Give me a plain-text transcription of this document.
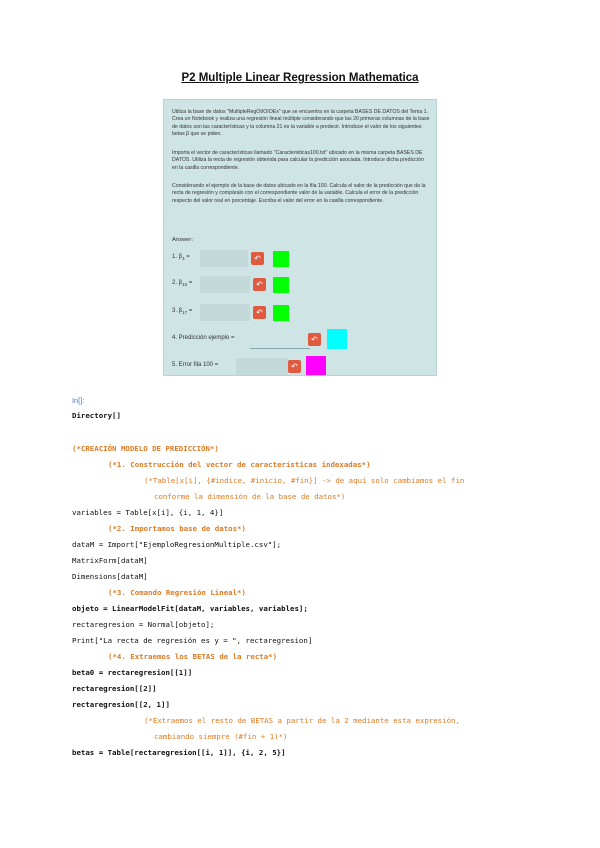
P2 Multiple Linear Regression Mathematica
Utiliza la base de datos "MultipleRegOtIOIOEx" que se encuentra en la carpeta BASES DE DATOS del Tema 1. Crea un Notebook y realiza una regresión lineal múltiple considerando que las 20 primeras columnas de la base de datos son las características y la columna 21 es la variable a predecir. Introduce el valor de los siguientes betas β que se piden.
Importa el vector de características llamado "Caracteristicas100.txt" ubicado en la misma carpeta BASES DE DATOS. Utiliza la recta de regresión obtenida para calcular la predicción asociada. Introduce dicha predicción en la casilla correspondiente.
Considerando el ejemplo de la base de datos ubicado en la fila 100. Calcula el valor de la predicción que da la recta de regresión y compáralo con el correspondiente valor de la variable. Calcula el error de la predicción respecto del valor real en porcentaje. Escriba el valor del error en la casilla correspondiente.
Answer:
1. $\beta_4$ =	↶
2. $\beta_{10}$ =	↶
3. $\beta_{17}$ =	↶
4. Predicción ejemplo =	↶
5. Error fila 100 =	↶
In[]:
Directory[]
(*CREACIÓN MODELO DE PREDICCIÓN*)
(*1. Construcción del vector de características indexadas*)
(*Table[x[i], {#indice, #inicio, #fin}] -> de aquí solo cambiamos el fin
conforme la dimensión de la base de datos*)
variables = Table[x[i], {i, 1, 4}]
(*2. Importamos base de datos*)
dataM = Import["EjemploRegresionMultiple.csv"];
MatrixForm[dataM]
Dimensions[dataM]
(*3. Comando Regresión Lineal*)
objeto = LinearModelFit[dataM, variables, variables];
rectaregresion = Normal[objeto];
Print["La recta de regresión es y = ", rectaregresion]
(*4. Extraemos los BETAS de la recta*)
beta0 = rectaregresion[[1]]
rectaregresion[[2]]
rectaregresion[[2, 1]]
(*Extraemos el resto de BETAS a partir de la 2 mediante esta expresión,
cambiando siempre (#fin + 1)*)
betas = Table[rectaregresion[[i, 1]], {i, 2, 5}]
